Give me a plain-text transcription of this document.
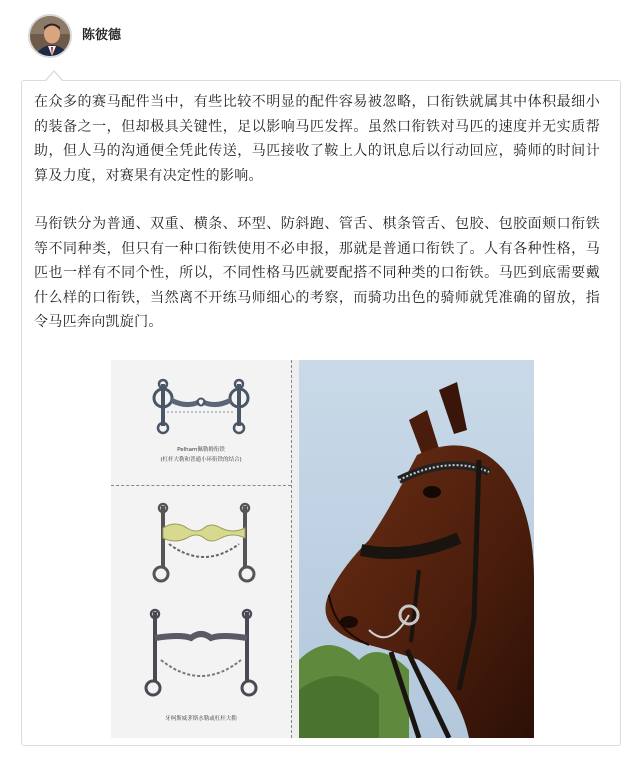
陈彼德

在众多的赛马配件当中，有些比较不明显的配件容易被忽略，口衔铁就属其中体积最细小的装备之一，但却极具关键性，足以影响马匹发挥。虽然口衔铁对马匹的速度并无实质帮助，但人马的沟通便全凭此传送，马匹接收了鞍上人的讯息后以行动回应，骑师的时间计算及力度，对赛果有决定性的影响。

马衔铁分为普通、双重、横条、环型、防斜跑、管舌、棋条管舌、包胶、包胶面颊口衔铁等不同种类，但只有一种口衔铁使用不必申报，那就是普通口衔铁了。人有各种性格，马匹也一样有不同个性，所以，不同性格马匹就要配搭不同种类的口衔铁。马匹到底需要戴什么样的口衔铁，当然离不开练马师细心的考察，而骑功出色的骑师就凭准确的留放，指令马匹奔向凯旋门。

Pelham佩勒姆衔铁
(杠杆大勒和普通小环衔铁的结合)
牙柯斯威茅斯水勒或杠杆大勒
